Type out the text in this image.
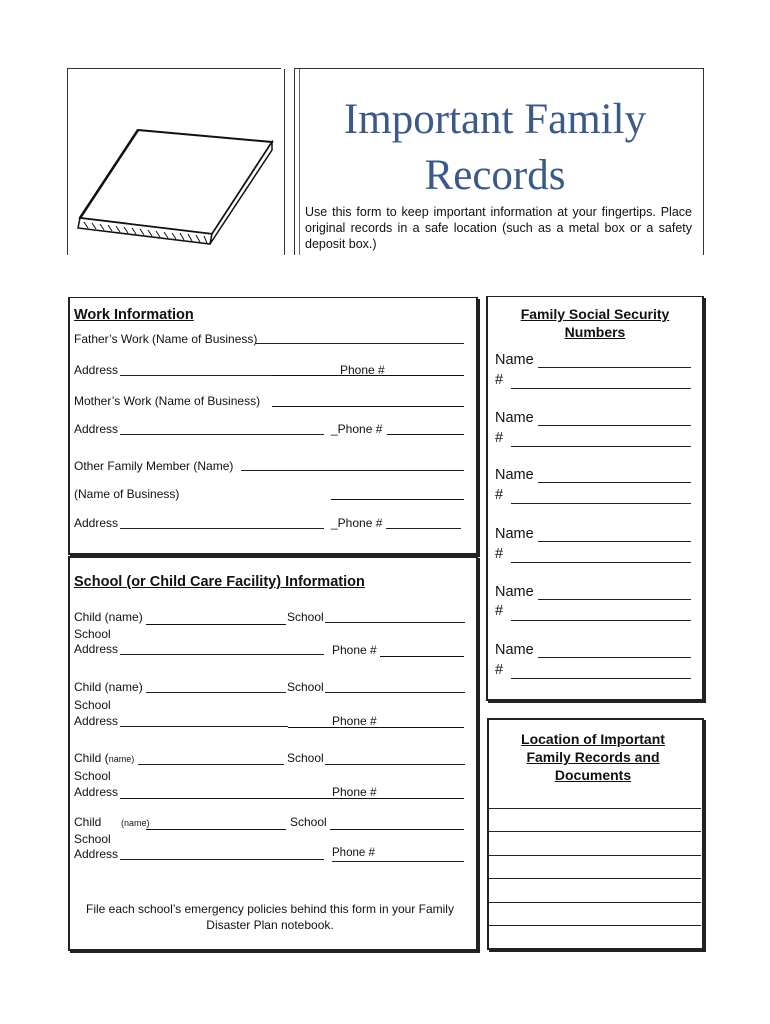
Important Family
Records
Use this form to keep important information at your fingertips. Place original records in a safe location (such as a metal box or a safety deposit box.)
Work Information
Father’s Work (Name of Business)
Address	Phone #
Mother’s Work (Name of Business)
Address	_Phone #
Other Family Member (Name)
(Name of Business)
Address	_Phone #
School (or Child Care Facility) Information
Child (name)	School
School
Address	Phone #
Child (name)	School
School
Address	Phone #
Child (name)	School
School
Address	Phone #
Child (name)	School
School
Address	Phone #
File each school’s emergency policies behind this form in your Family Disaster Plan notebook.
Family Social Security Numbers
Name
#
Name
#
Name
#
Name
#
Name
#
Name
#
Location of Important Family Records and Documents
